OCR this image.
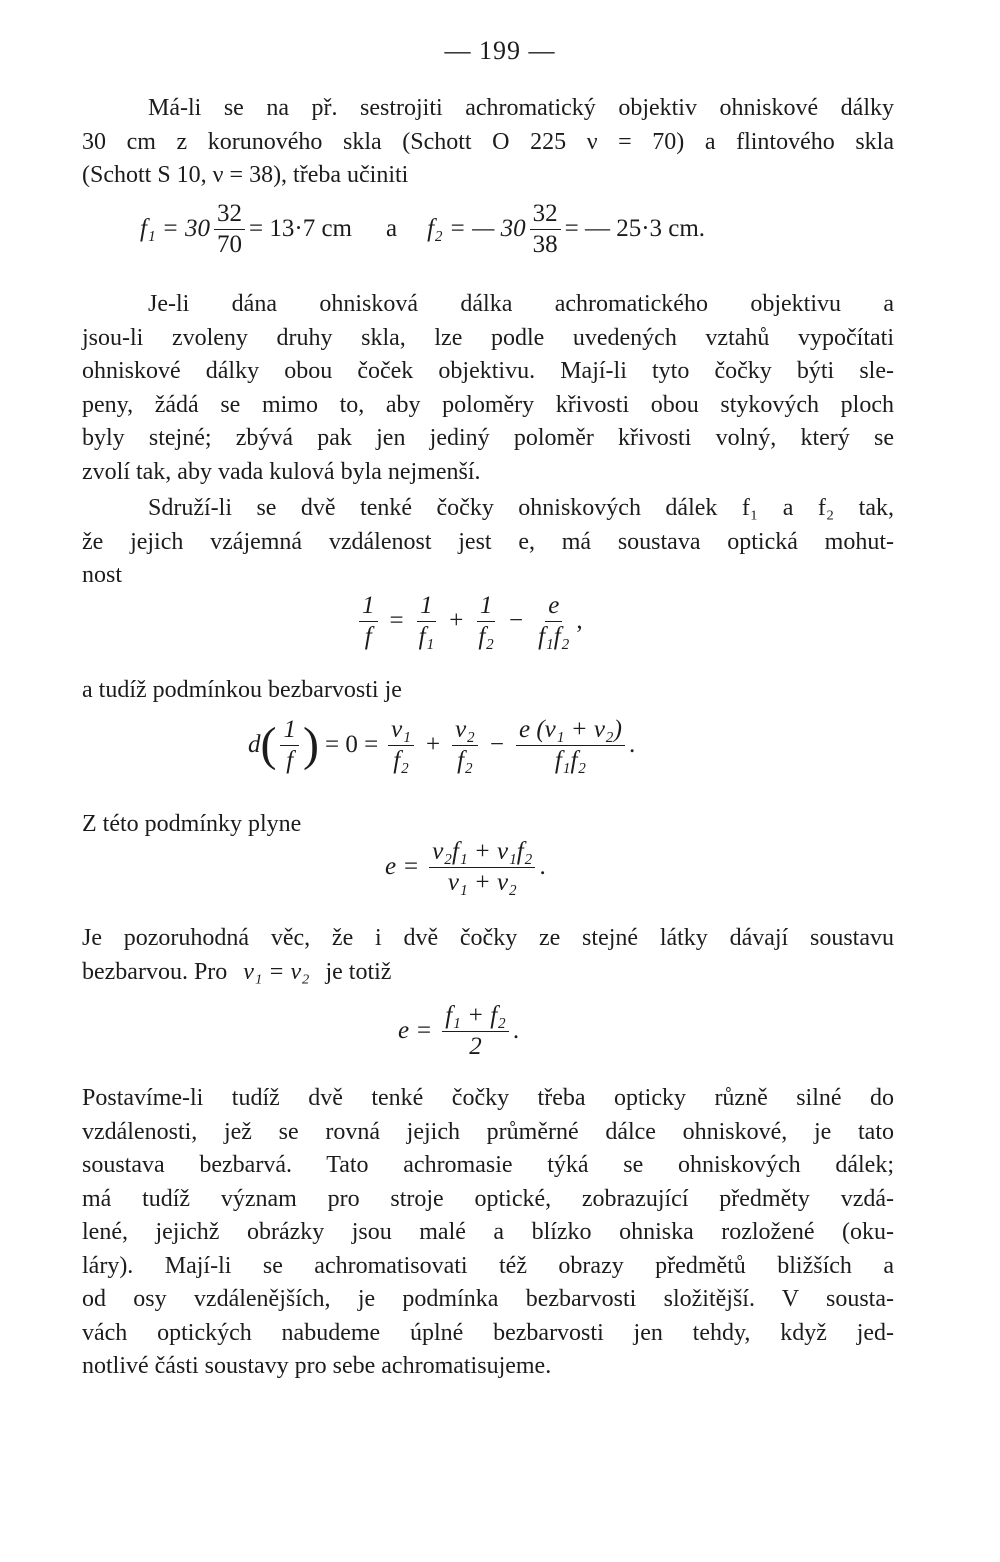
— 199 —
Má-li se na př. sestrojiti achromatický objektiv ohniskové dálky
30 cm z korunového skla (Schott O 225 ν = 70) a flintového skla
(Schott S 10, ν = 38), třeba učiniti
$f_1 = 30 \frac{32}{70} = 13\cdot 7$ cm a f₂ = — $30 \frac{32}{38}$ = — 25·3 cm.
Je-li dána ohnisková dálka achromatického objektivu a
jsou-li zvoleny druhy skla, lze podle uvedených vztahů vypočítati
ohniskové dálky obou čoček objektivu. Mají-li tyto čočky býti sle-
peny, žádá se mimo to, aby poloměry křivosti obou stykových ploch
byly stejné; zbývá pak jen jediný poloměr křivosti volný, který se
zvolí tak, aby vada kulová byla nejmenší.
Sdruží-li se dvě tenké čočky ohniskových dálek f₁ a f₂ tak,
že jejich vzájemná vzdálenost jest e, má soustava optická mohut-
nost
$\frac{1}{f} = \frac{1}{\text{f₁}} + \frac{1}{\text{f₂}} - \frac{e}{\text{f₁f₂}}$ ,
a tudíž podmínkou bezbarvosti je
d ( $\frac{1}{f}$ ) = $0 = \frac{\text{ν₁}}{\text{f₂}} + \frac{\text{ν₂}}{\text{f₂}} - \frac{\text{e (ν₁ + ν₂)}}{\text{f₁f₂}}$ .
Z této podmínky plyne
$e = \frac{\text{ν₂f₁ + ν₁f₂}}{\text{ν₁ + ν₂}}$ .
Je pozoruhodná věc, že i dvě čočky ze stejné látky dávají soustavu
bezbarvou. Pro ν₁ = ν₂ je totiž
$e = \frac{\text{f₁ + f₂}}{2}$ .
Postavíme-li tudíž dvě tenké čočky třeba opticky různě silné do
vzdálenosti, jež se rovná jejich průměrné dálce ohniskové, je tato
soustava bezbarvá. Tato achromasie týká se ohniskových dálek;
má tudíž význam pro stroje optické, zobrazující předměty vzdá-
lené, jejichž obrázky jsou malé a blízko ohniska rozložené (oku-
láry). Mají-li se achromatisovati též obrazy předmětů bližších a
od osy vzdálenějších, je podmínka bezbarvosti složitější. V sousta-
vách optických nabudeme úplné bezbarvosti jen tehdy, když jed-
notlivé části soustavy pro sebe achromatisujeme.
